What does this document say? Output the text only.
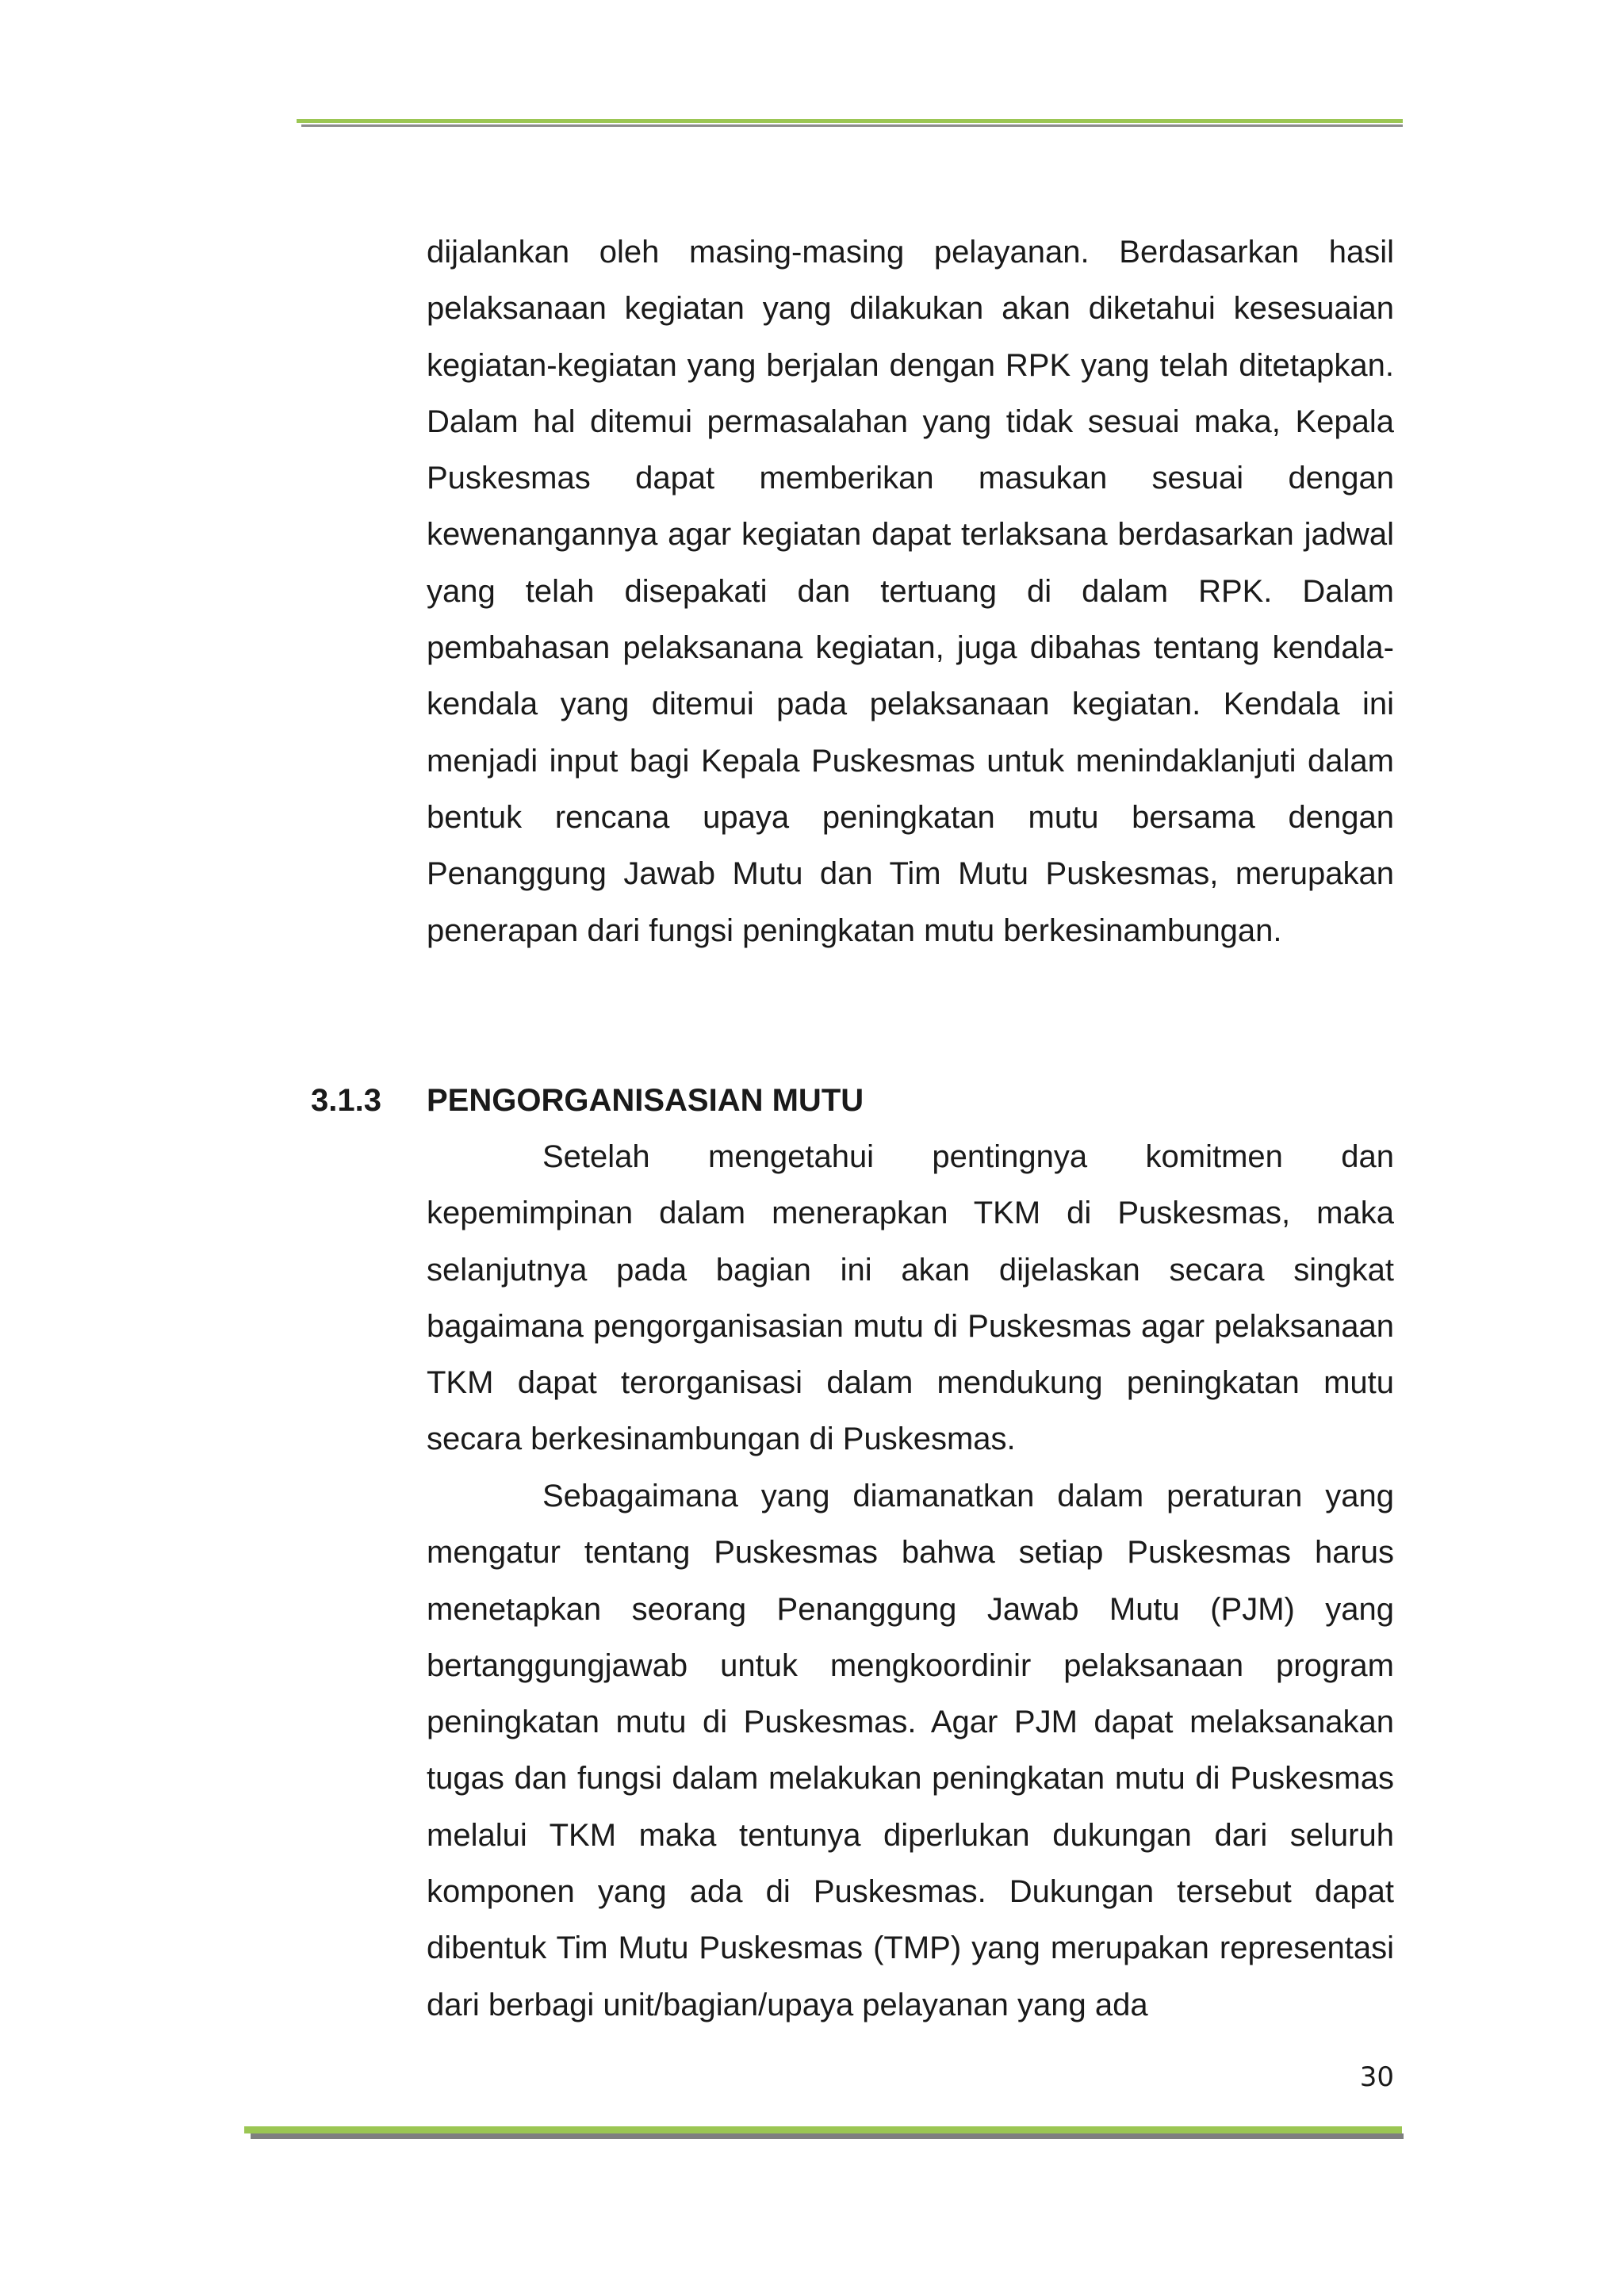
dijalankan oleh masing-masing pelayanan. Berdasarkan hasil pelaksanaan kegiatan yang dilakukan akan diketahui kesesuaian kegiatan-kegiatan yang berjalan dengan RPK yang telah ditetapkan. Dalam hal ditemui permasalahan yang tidak sesuai maka, Kepala Puskesmas dapat memberikan masukan sesuai dengan kewenangannya agar kegiatan dapat terlaksana berdasarkan jadwal yang telah disepakati dan tertuang di dalam RPK. Dalam pembahasan pelaksanana kegiatan, juga dibahas tentang kendala-kendala yang ditemui pada pelaksanaan kegiatan. Kendala ini menjadi input bagi Kepala Puskesmas untuk menindaklanjuti dalam bentuk rencana upaya peningkatan mutu bersama dengan Penanggung Jawab Mutu dan Tim Mutu Puskesmas, merupakan penerapan dari fungsi peningkatan mutu berkesinambungan.

3.1.3 PENGORGANISASIAN MUTU

Setelah mengetahui pentingnya komitmen dan kepemimpinan dalam menerapkan TKM di Puskesmas, maka selanjutnya pada bagian ini akan dijelaskan secara singkat bagaimana pengorganisasian mutu di Puskesmas agar pelaksanaan TKM dapat terorganisasi dalam mendukung peningkatan mutu secara berkesinambungan di Puskesmas.

Sebagaimana yang diamanatkan dalam peraturan yang mengatur tentang Puskesmas bahwa setiap Puskesmas harus menetapkan seorang Penanggung Jawab Mutu (PJM) yang bertanggungjawab untuk mengkoordinir pelaksanaan program peningkatan mutu di Puskesmas. Agar PJM dapat melaksanakan tugas dan fungsi dalam melakukan peningkatan mutu di Puskesmas melalui TKM maka tentunya diperlukan dukungan dari seluruh komponen yang ada di Puskesmas. Dukungan tersebut dapat dibentuk Tim Mutu Puskesmas (TMP) yang merupakan representasi dari berbagi unit/bagian/upaya pelayanan yang ada

30
